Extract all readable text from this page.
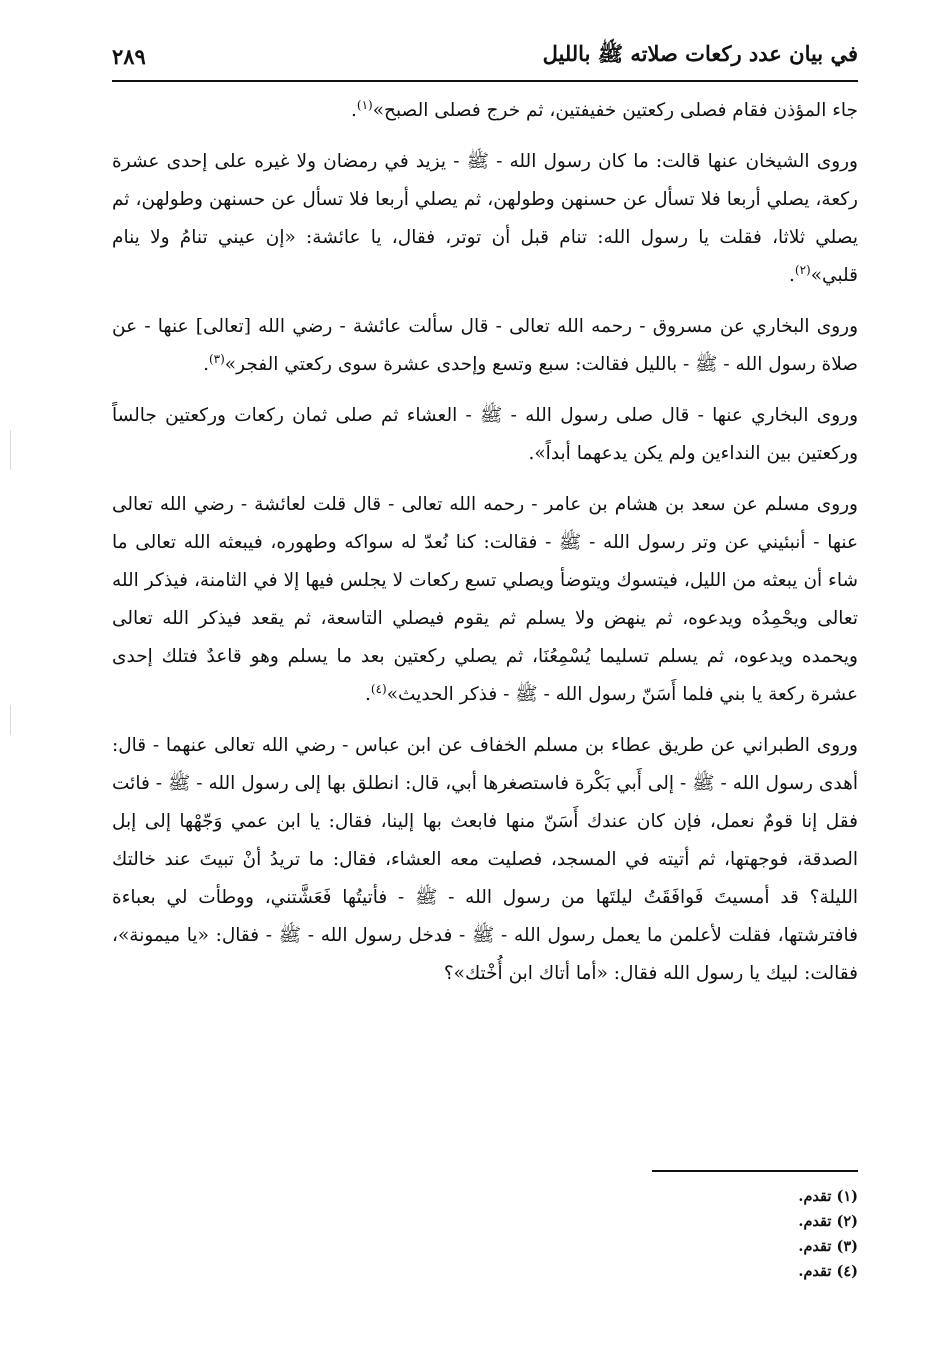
في بيان عدد ركعات صلاته ﷺ بالليل
٢٨٩

جاء المؤذن فقام فصلى ركعتين خفيفتين، ثم خرج فصلى الصبح»$^{(١)}$.

وروى الشيخان عنها قالت: ما كان رسول الله - ﷺ - يزيد في رمضان ولا غيره على إحدى عشرة ركعة، يصلي أربعا فلا تسأل عن حسنهن وطولهن، ثم يصلي أربعا فلا تسأل عن حسنهن وطولهن، ثم يصلي ثلاثا، فقلت يا رسول الله: تنام قبل أن توتر، فقال، يا عائشة: «إن عيني تنامُ ولا ينام قلبي»$^{(٢)}$.

وروى البخاري عن مسروق - رحمه الله تعالى - قال سألت عائشة - رضي الله [تعالى] عنها - عن صلاة رسول الله - ﷺ - بالليل فقالت: سبع وتسع وإحدى عشرة سوى ركعتي الفجر»$^{(٣)}$.

وروى البخاري عنها - قال صلى رسول الله - ﷺ - العشاء ثم صلى ثمان ركعات وركعتين جالساً وركعتين بين النداءين ولم يكن يدعهما أبداً».

وروى مسلم عن سعد بن هشام بن عامر - رحمه الله تعالى - قال قلت لعائشة - رضي الله تعالى عنها - أنبئيني عن وتر رسول الله - ﷺ - فقالت: كنا نُعدّ له سواكه وطهوره، فيبعثه الله تعالى ما شاء أن يبعثه من الليل، فيتسوك ويتوضأ ويصلي تسع ركعات لا يجلس فيها إلا في الثامنة، فيذكر الله تعالى ويحْمِدُه ويدعوه، ثم ينهض ولا يسلم ثم يقوم فيصلي التاسعة، ثم يقعد فيذكر الله تعالى ويحمده ويدعوه، ثم يسلم تسليما يُسْمِعُنَا، ثم يصلي ركعتين بعد ما يسلم وهو قاعدٌ فتلك إحدى عشرة ركعة يا بني فلما أَسَنّ رسول الله - ﷺ - فذكر الحديث»$^{(٤)}$.

وروى الطبراني عن طريق عطاء بن مسلم الخفاف عن ابن عباس - رضي الله تعالى عنهما - قال: أهدى رسول الله - ﷺ - إلى أَبي بَكْرة فاستصغرها أبي، قال: انطلق بها إلى رسول الله - ﷺ - فائت فقل إنا قومٌ نعمل، فإن كان عندك أَسَنّ منها فابعث بها إلينا، فقال: يا ابن عمي وَجّهْها إلى إبل الصدقة، فوجهتها، ثم أتيته في المسجد، فصليت معه العشاء، فقال: ما تريدُ أنْ تبيتَ عند خالتك الليلة؟ قد أمسيتَ فَوافَقَتُ ليلتَها من رسول الله - ﷺ - فأتيتُها فَعَشَّتني، ووطأت لي بعباءة فافترشتها، فقلت لأعلمن ما يعمل رسول الله - ﷺ - فدخل رسول الله - ﷺ - فقال: «يا ميمونة»، فقالت: لبيك يا رسول الله فقال: «أما أتاك ابن أُخْتك»؟

(١) تقدم.
(٢) تقدم.
(٣) تقدم.
(٤) تقدم.
